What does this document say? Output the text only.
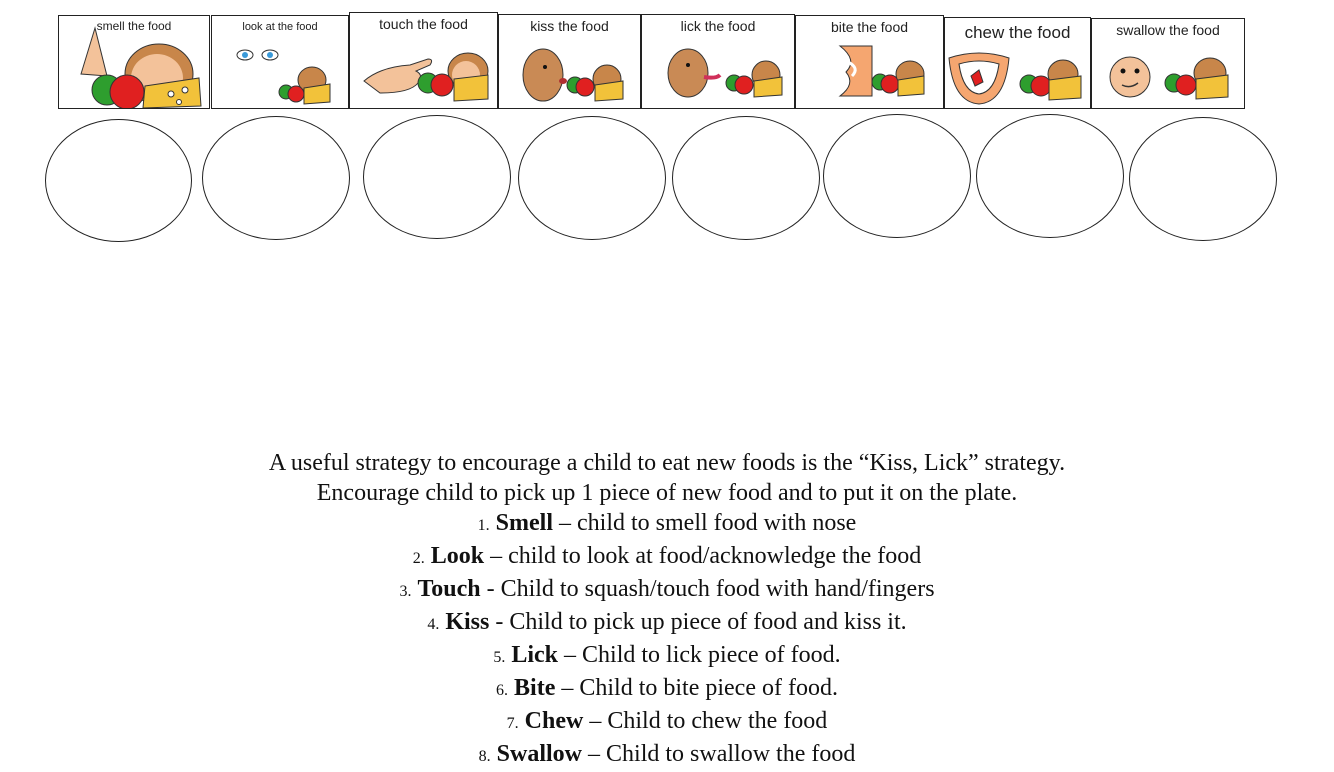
smell the food	look at the food	touch the food	kiss the food	lick the food	bite the food	chew the food	swallow the food
A useful strategy to encourage a child to eat new foods is the “Kiss, Lick” strategy.
Encourage child to pick up 1 piece of new food and to put it on the plate.
1. Smell – child to smell food with nose
2. Look – child to look at food/acknowledge the food
3. Touch - Child to squash/touch food with hand/fingers
4. Kiss - Child to pick up piece of food and kiss it.
5. Lick – Child to lick piece of food.
6. Bite – Child to bite piece of food.
7. Chew – Child to chew the food
8. Swallow – Child to swallow the food
